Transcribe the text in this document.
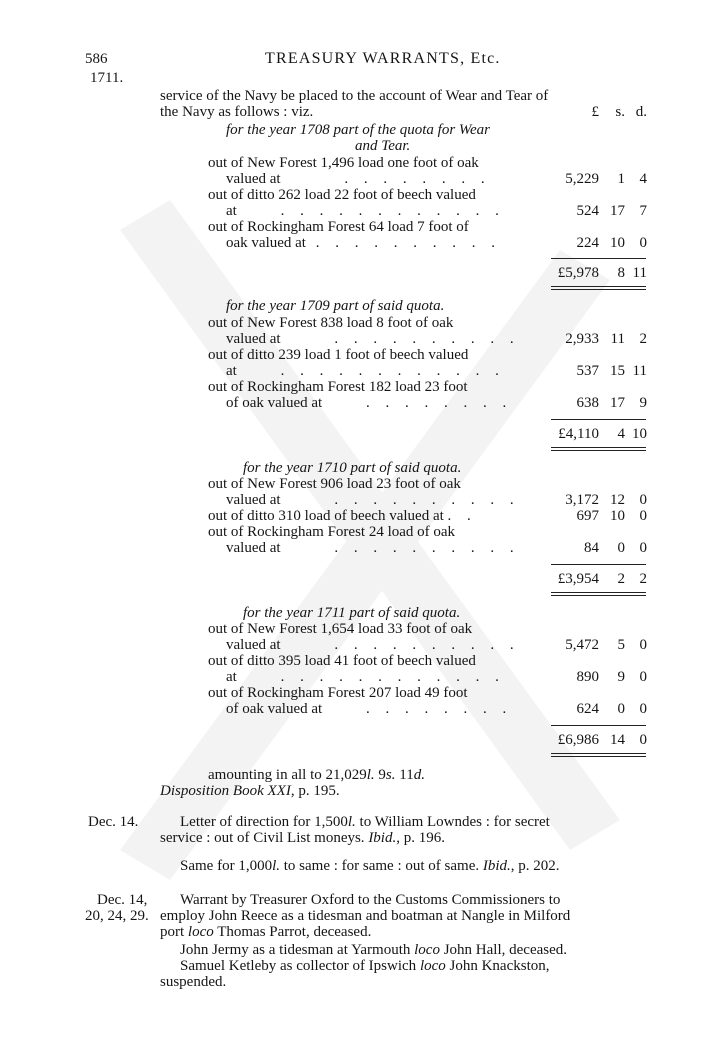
586	TREASURY WARRANTS, Etc.
1711.
service of the Navy be placed to the account of Wear and Tear of
the Navy as follows : viz.	£ s. d.
for the year 1708 part of the quota for Wear
and Tear.
out of New Forest 1,496 load one foot of oak
valued at	. . . . . . . .	5,229 1 4
out of ditto 262 load 22 foot of beech valued
at	. . . . . . . . . . . .	524 17 7
out of Rockingham Forest 64 load 7 foot of
oak valued at . . . . . . . . . .	224 10 0
£5,978 8 11
for the year 1709 part of said quota.
out of New Forest 838 load 8 foot of oak
valued at	. . . . . . . . . .	2,933 11 2
out of ditto 239 load 1 foot of beech valued
at	. . . . . . . . . . . .	537 15 11
out of Rockingham Forest 182 load 23 foot
of oak valued at	. . . . . . . .	638 17 9
£4,110 4 10
for the year 1710 part of said quota.
out of New Forest 906 load 23 foot of oak
valued at	. . . . . . . . . .	3,172 12 0
out of ditto 310 load of beech valued at . .	697 10 0
out of Rockingham Forest 24 load of oak
valued at	. . . . . . . . . .	84 0 0
£3,954 2 2
for the year 1711 part of said quota.
out of New Forest 1,654 load 33 foot of oak
valued at	. . . . . . . . . .	5,472 5 0
out of ditto 395 load 41 foot of beech valued
at	. . . . . . . . . . . .	890 9 0
out of Rockingham Forest 207 load 49 foot
of oak valued at	. . . . . . . .	624 0 0
£6,986 14 0
amounting in all to 21,029l. 9s. 11d.
Disposition Book XXI, p. 195.
Dec. 14.	Letter of direction for 1,500l. to William Lowndes : for secret
service : out of Civil List moneys. Ibid., p. 196.
Same for 1,000l. to same : for same : out of same. Ibid., p. 202.
Dec. 14,
20, 24, 29.
Warrant by Treasurer Oxford to the Customs Commissioners to
employ John Reece as a tidesman and boatman at Nangle in Milford
port loco Thomas Parrot, deceased.
John Jermy as a tidesman at Yarmouth loco John Hall, deceased.
Samuel Ketleby as collector of Ipswich loco John Knackston,
suspended.
